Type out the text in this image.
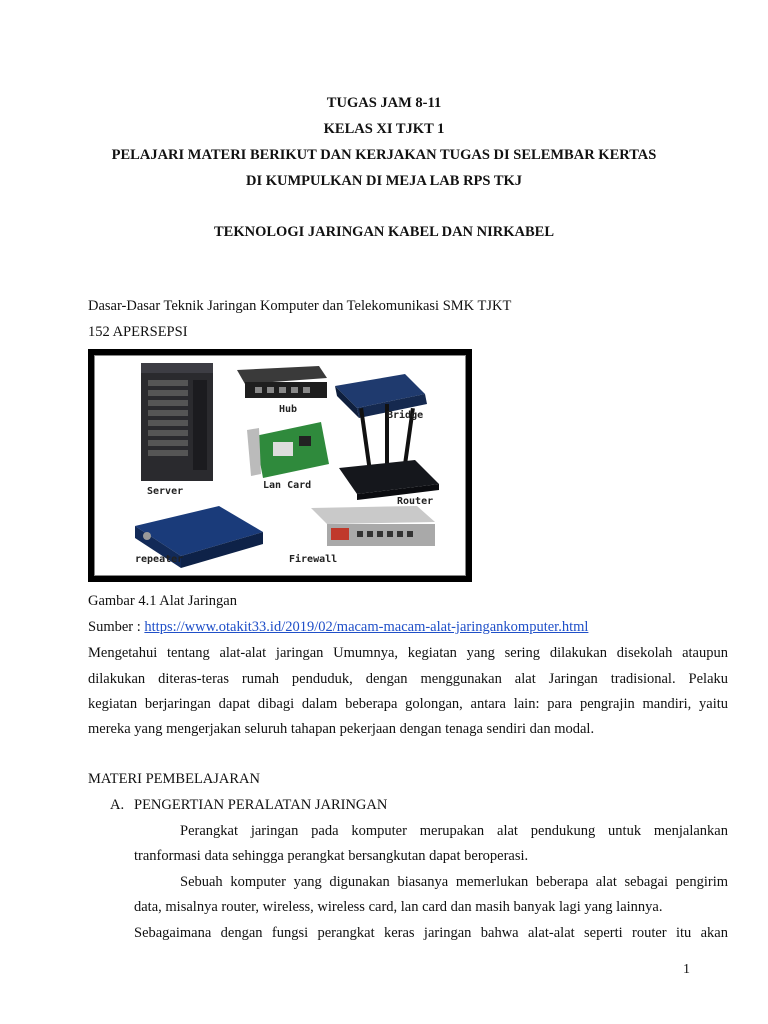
TUGAS JAM 8-11
KELAS XI TJKT 1
PELAJARI MATERI BERIKUT DAN KERJAKAN TUGAS DI SELEMBAR KERTAS
DI KUMPULKAN DI MEJA LAB RPS TKJ
TEKNOLOGI JARINGAN KABEL DAN NIRKABEL
Dasar-Dasar Teknik Jaringan Komputer dan Telekomunikasi SMK TJKT
152 APERSEPSI
Server
Hub
Bridge
Lan Card
Router
repeater	Firewall
Gambar 4.1 Alat Jaringan
Sumber : https://www.otakit33.id/2019/02/macam-macam-alat-jaringankomputer.html
Mengetahui tentang alat-alat jaringan Umumnya, kegiatan yang sering dilakukan disekolah ataupun
dilakukan diteras-teras rumah penduduk, dengan menggunakan alat Jaringan tradisional. Pelaku
kegiatan berjaringan dapat dibagi dalam beberapa golongan, antara lain: para pengrajin mandiri, yaitu
mereka yang mengerjakan seluruh tahapan pekerjaan dengan tenaga sendiri dan modal.
MATERI PEMBELAJARAN
A. PENGERTIAN PERALATAN JARINGAN
Perangkat jaringan pada komputer merupakan alat pendukung untuk menjalankan
tranformasi data sehingga perangkat bersangkutan dapat beroperasi.
Sebuah komputer yang digunakan biasanya memerlukan beberapa alat sebagai pengirim
data, misalnya router, wireless, wireless card, lan card dan masih banyak lagi yang lainnya.
Sebagaimana dengan fungsi perangkat keras jaringan bahwa alat-alat seperti router itu akan
1
